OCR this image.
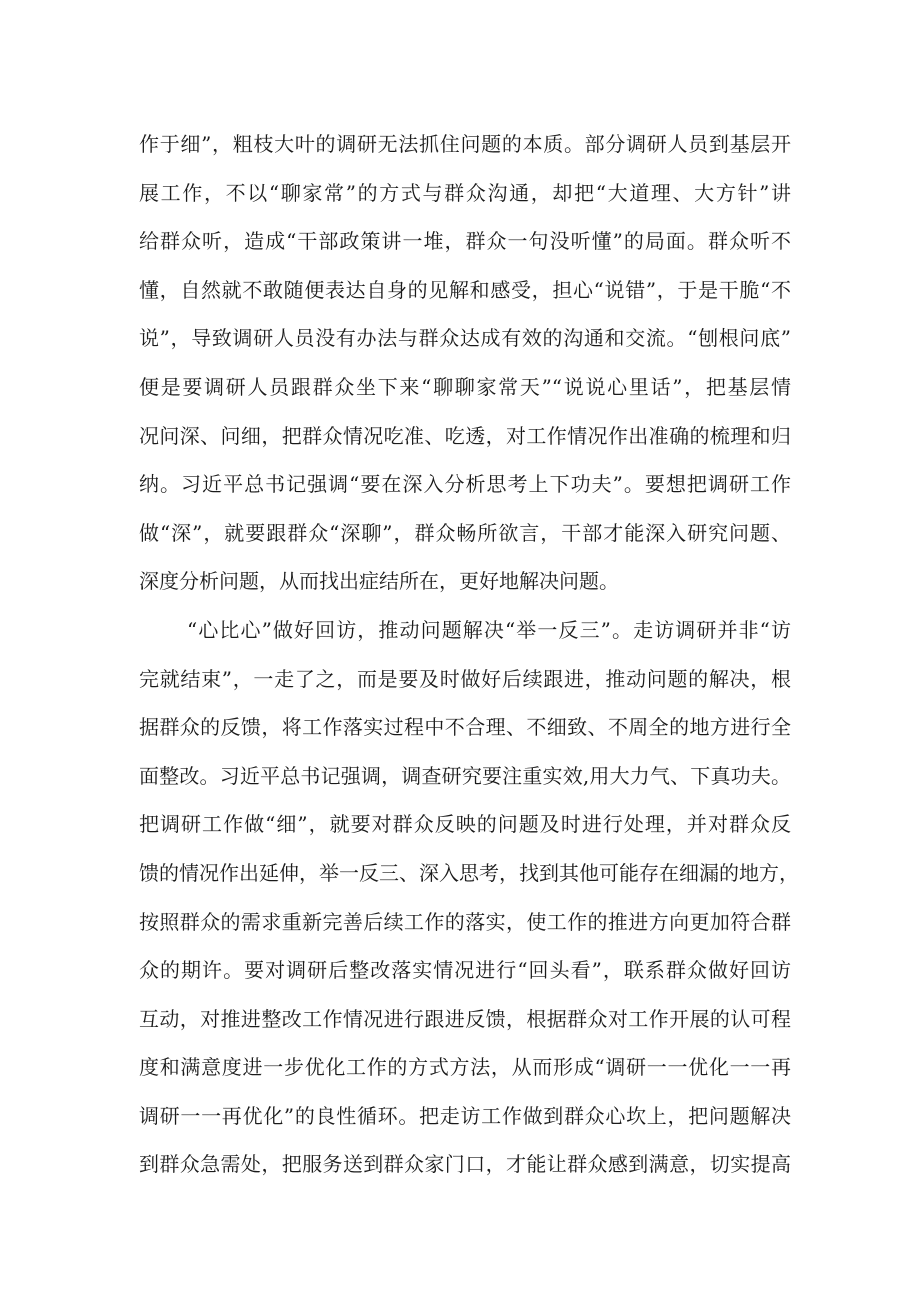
作于细”，粗枝大叶的调研无法抓住问题的本质。部分调研人员到基层开
展工作，不以“聊家常”的方式与群众沟通，却把“大道理、大方针”讲
给群众听，造成“干部政策讲一堆，群众一句没听懂”的局面。群众听不
懂，自然就不敢随便表达自身的见解和感受，担心“说错”，于是干脆“不
说”，导致调研人员没有办法与群众达成有效的沟通和交流。“刨根问底”
便是要调研人员跟群众坐下来“聊聊家常天”“说说心里话”，把基层情
况问深、问细，把群众情况吃准、吃透，对工作情况作出准确的梳理和归
纳。习近平总书记强调“要在深入分析思考上下功夫”。要想把调研工作
做“深”，就要跟群众“深聊”，群众畅所欲言，干部才能深入研究问题、
深度分析问题，从而找出症结所在，更好地解决问题。
“心比心”做好回访，推动问题解决“举一反三”。走访调研并非“访
完就结束”，一走了之，而是要及时做好后续跟进，推动问题的解决，根
据群众的反馈，将工作落实过程中不合理、不细致、不周全的地方进行全
面整改。习近平总书记强调，调查研究要注重实效,用大力气、下真功夫。
把调研工作做“细”，就要对群众反映的问题及时进行处理，并对群众反
馈的情况作出延伸，举一反三、深入思考，找到其他可能存在细漏的地方，
按照群众的需求重新完善后续工作的落实，使工作的推进方向更加符合群
众的期许。要对调研后整改落实情况进行“回头看”，联系群众做好回访
互动，对推进整改工作情况进行跟进反馈，根据群众对工作开展的认可程
度和满意度进一步优化工作的方式方法，从而形成“调研一一优化一一再
调研一一再优化”的良性循环。把走访工作做到群众心坎上，把问题解决
到群众急需处，把服务送到群众家门口，才能让群众感到满意，切实提高
